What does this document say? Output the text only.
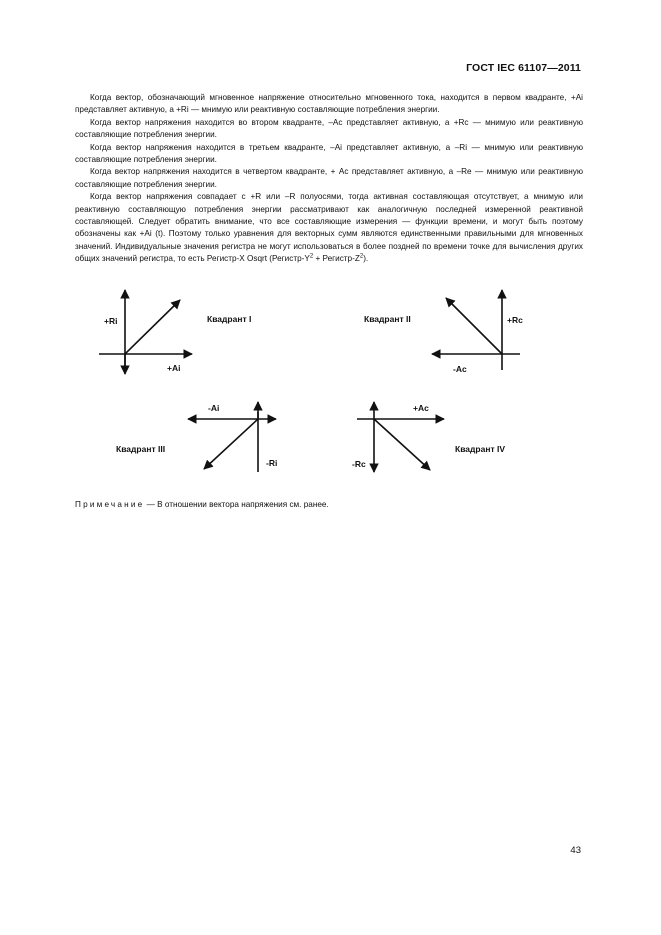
ГОСТ IEC 61107—2011

Когда вектор, обозначающий мгновенное напряжение относительно мгновенного тока, находится в первом квадранте, +Ai представляет активную, а +Ri — мнимую или реактивную составляющие потребления энергии.

Когда вектор напряжения находится во втором квадранте, –Ac представляет активную, а +Rc — мнимую или реактивную составляющие потребления энергии.

Когда вектор напряжения находится в третьем квадранте, –Ai представляет активную, а –Ri — мнимую или реактивную составляющие потребления энергии.

Когда вектор напряжения находится в четвертом квадранте, + Ac представляет активную, а –Re — мнимую или реактивную составляющие потребления энергии.

Когда вектор напряжения совпадает с +R или –R полуосями, тогда активная составляющая отсутствует, а мнимую или реактивную составляющую потребления энергии рассматривают как аналогичную последней измеренной реактивной составляющей. Следует обратить внимание, что все составляющие измерения — функции времени, и могут быть поэтому обозначены как +Ai (t). Поэтому только уравнения для векторных сумм являются единственными правильными для мгновенных значений. Индивидуальные значения регистра не могут использоваться в более поздней по времени точке для вычисления других общих значений регистра, то есть Регистр-X Osqrt ($Регистр-Y^2$ + Регистр-$Z^2$).

+Ri
+Ai
Квадрант I	+Rc
-Ac
Квадрант II
-Ai
-Ri
Квадрант III
+Ac
-Rc
Квадрант IV
Примечание — В отношении вектора напряжения см. ранее.
43
